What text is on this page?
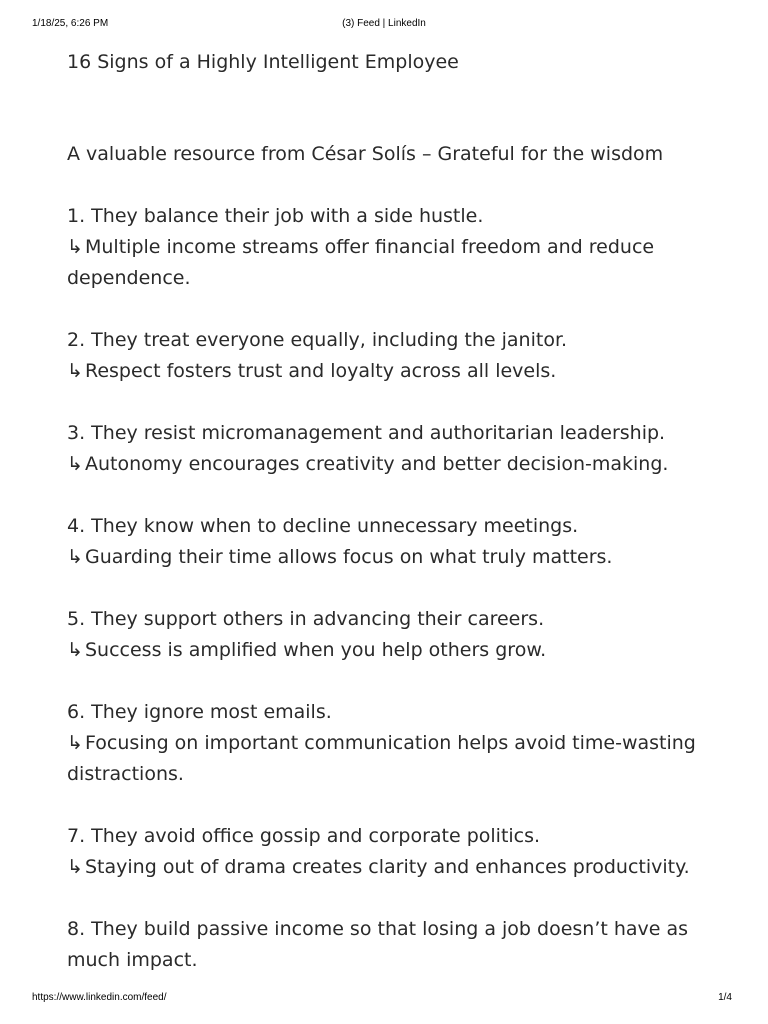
1/18/25, 6:26 PM	(3) Feed | LinkedIn
16 Signs of a Highly Intelligent Employee

A valuable resource from César Solís – Grateful for the wisdom

1. They balance their job with a side hustle.
↳ Multiple income streams offer financial freedom and reduce dependence.
2. They treat everyone equally, including the janitor.
↳ Respect fosters trust and loyalty across all levels.
3. They resist micromanagement and authoritarian leadership.
↳ Autonomy encourages creativity and better decision-making.
4. They know when to decline unnecessary meetings.
↳ Guarding their time allows focus on what truly matters.
5. They support others in advancing their careers.
↳ Success is amplified when you help others grow.
6. They ignore most emails.
↳ Focusing on important communication helps avoid time-wasting distractions.
7. They avoid office gossip and corporate politics.
↳ Staying out of drama creates clarity and enhances productivity.
8. They build passive income so that losing a job doesn’t have as much impact.
https://www.linkedin.com/feed/	1/4
